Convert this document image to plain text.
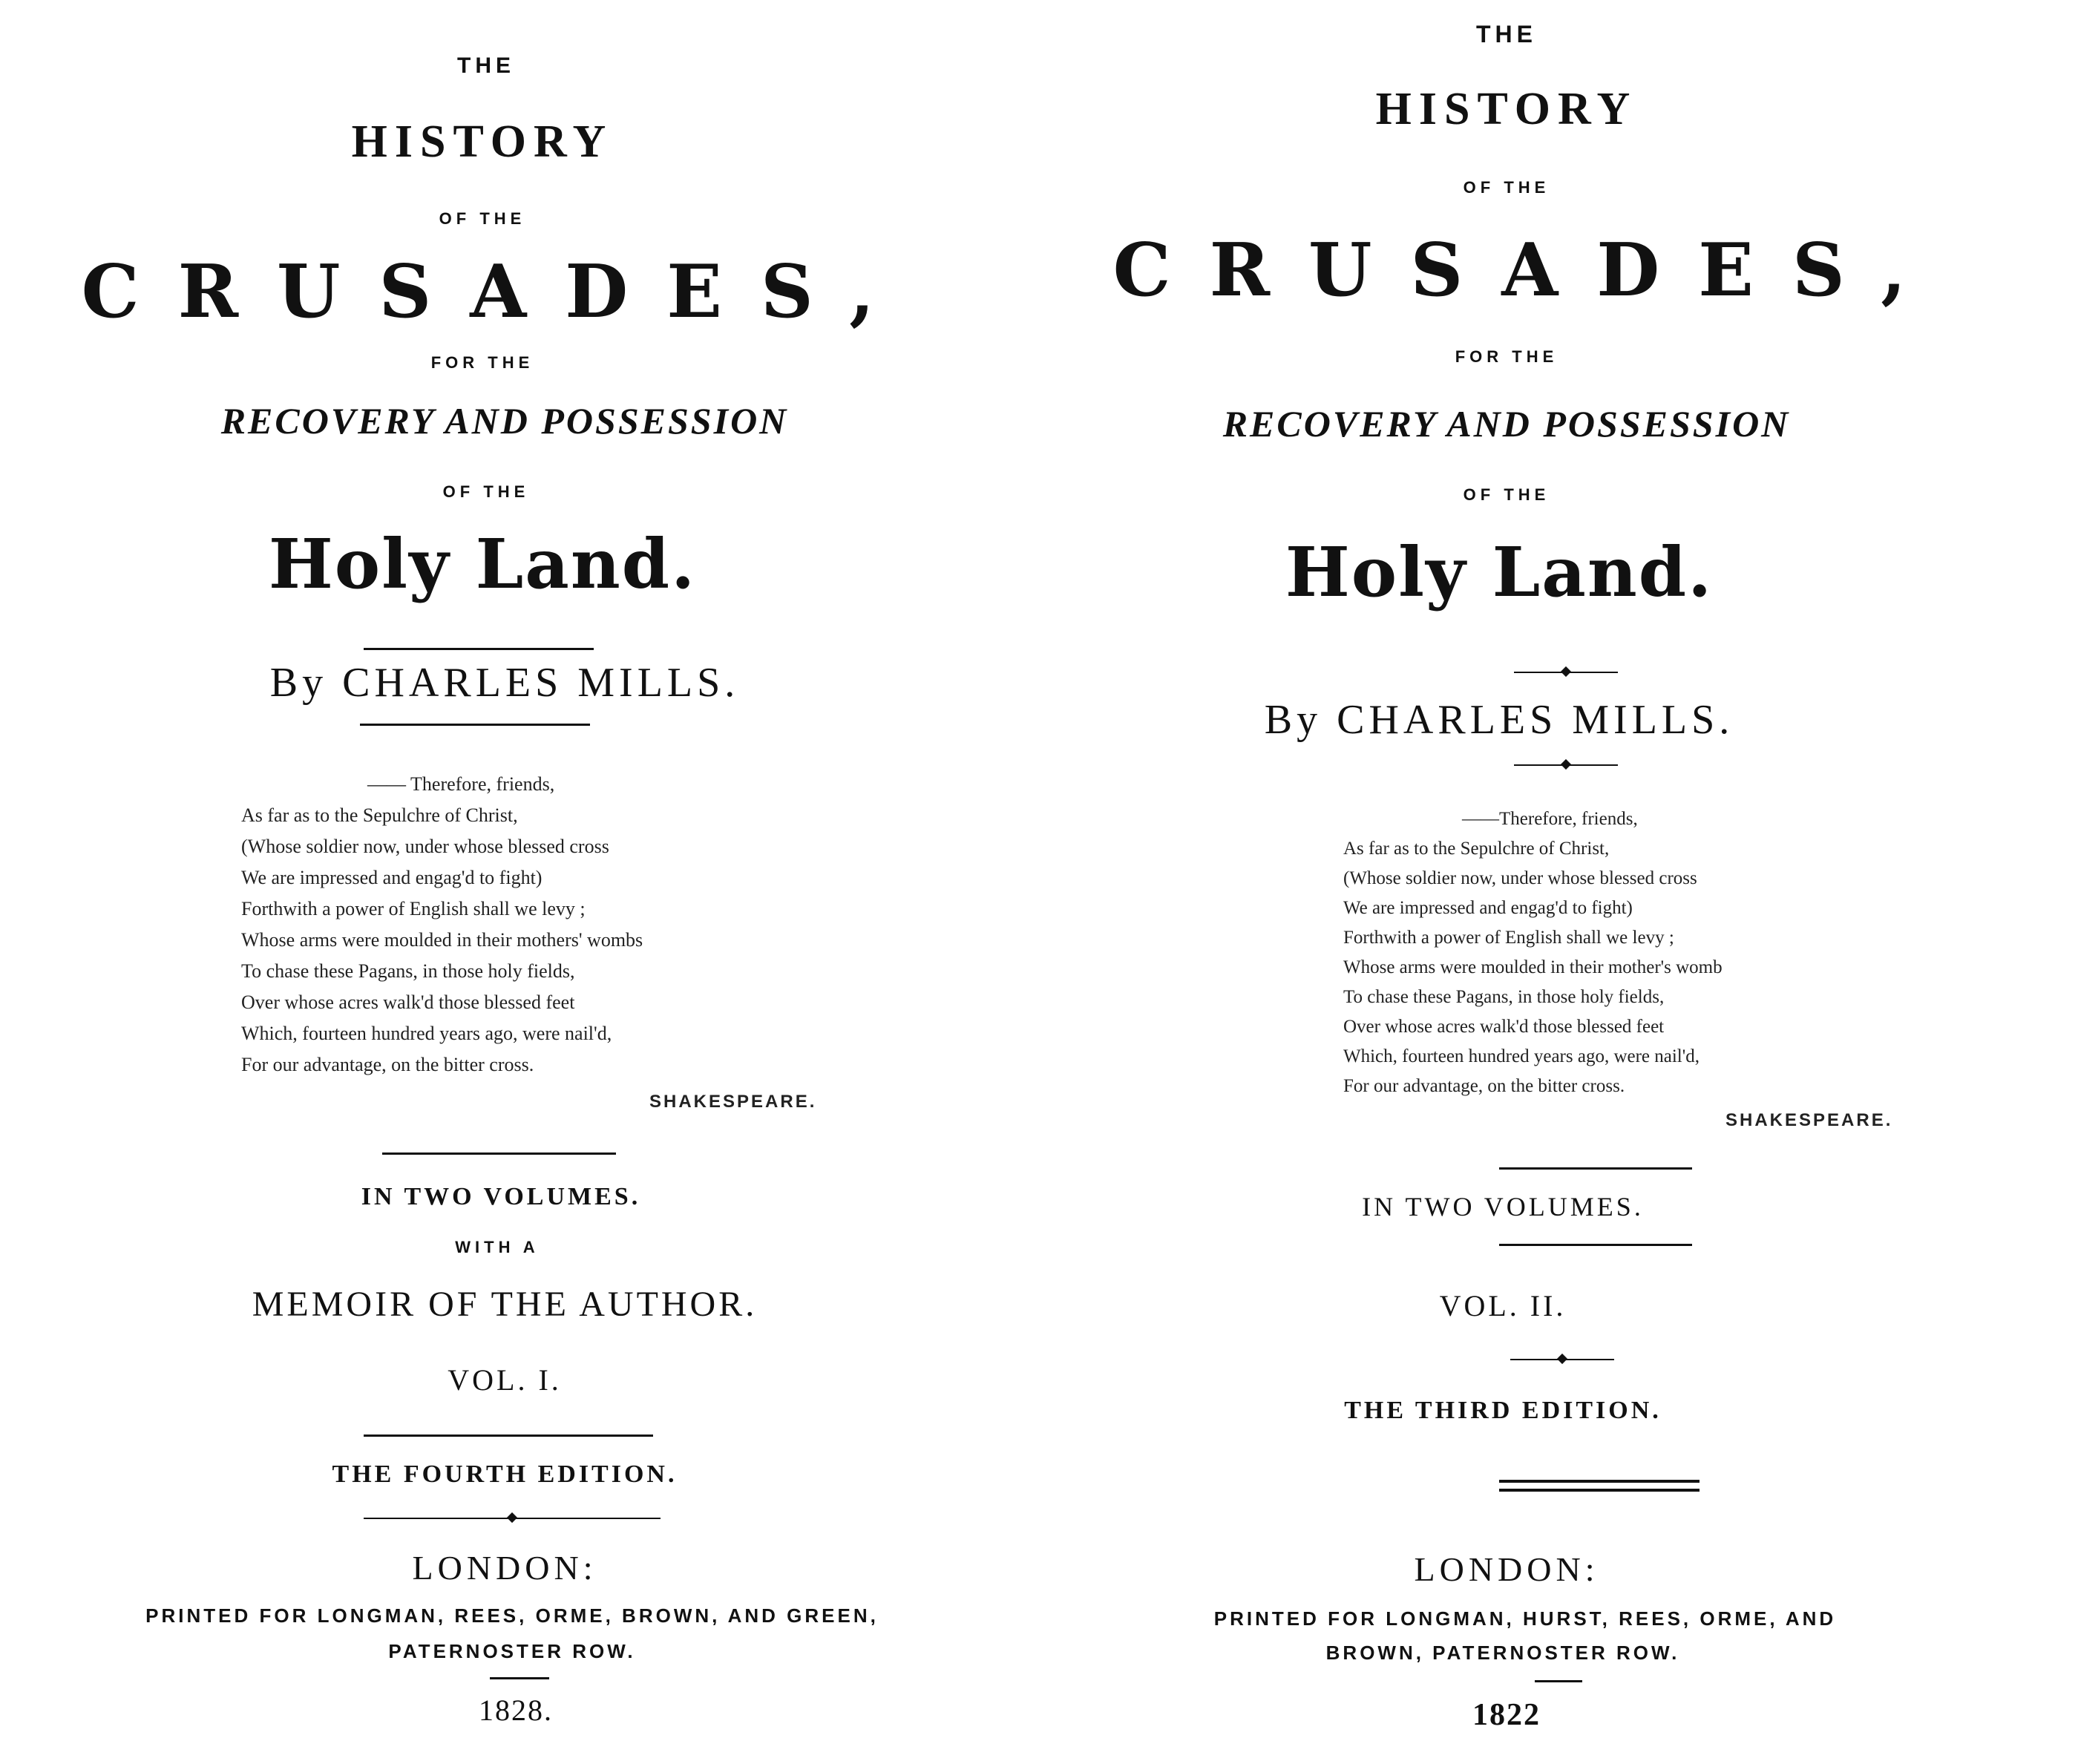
THE
HISTORY
OF THE
CRUSADES,
FOR THE
RECOVERY AND POSSESSION
OF THE
Holy Land.
By CHARLES MILLS.
—— Therefore, friends,
As far as to the Sepulchre of Christ,
(Whose soldier now, under whose blessed cross
We are impressed and engag'd to fight)
Forthwith a power of English shall we levy ;
Whose arms were moulded in their mothers' wombs
To chase these Pagans, in those holy fields,
Over whose acres walk'd those blessed feet
Which, fourteen hundred years ago, were nail'd,
For our advantage, on the bitter cross.
SHAKESPEARE.
IN TWO VOLUMES.
WITH A
MEMOIR OF THE AUTHOR.
VOL. I.
THE FOURTH EDITION.
LONDON:
PRINTED FOR LONGMAN, REES, ORME, BROWN, AND GREEN,
PATERNOSTER ROW.
1828.
THE
HISTORY
OF THE
CRUSADES,
FOR THE
RECOVERY AND POSSESSION
OF THE
Holy Land.
By CHARLES MILLS.
——Therefore, friends,
As far as to the Sepulchre of Christ,
(Whose soldier now, under whose blessed cross
We are impressed and engag'd to fight)
Forthwith a power of English shall we levy ;
Whose arms were moulded in their mother's womb
To chase these Pagans, in those holy fields,
Over whose acres walk'd those blessed feet
Which, fourteen hundred years ago, were nail'd,
For our advantage, on the bitter cross.
SHAKESPEARE.
IN TWO VOLUMES.
VOL. II.
THE THIRD EDITION.
LONDON:
PRINTED FOR LONGMAN, HURST, REES, ORME, AND
BROWN, PATERNOSTER ROW.
1822
